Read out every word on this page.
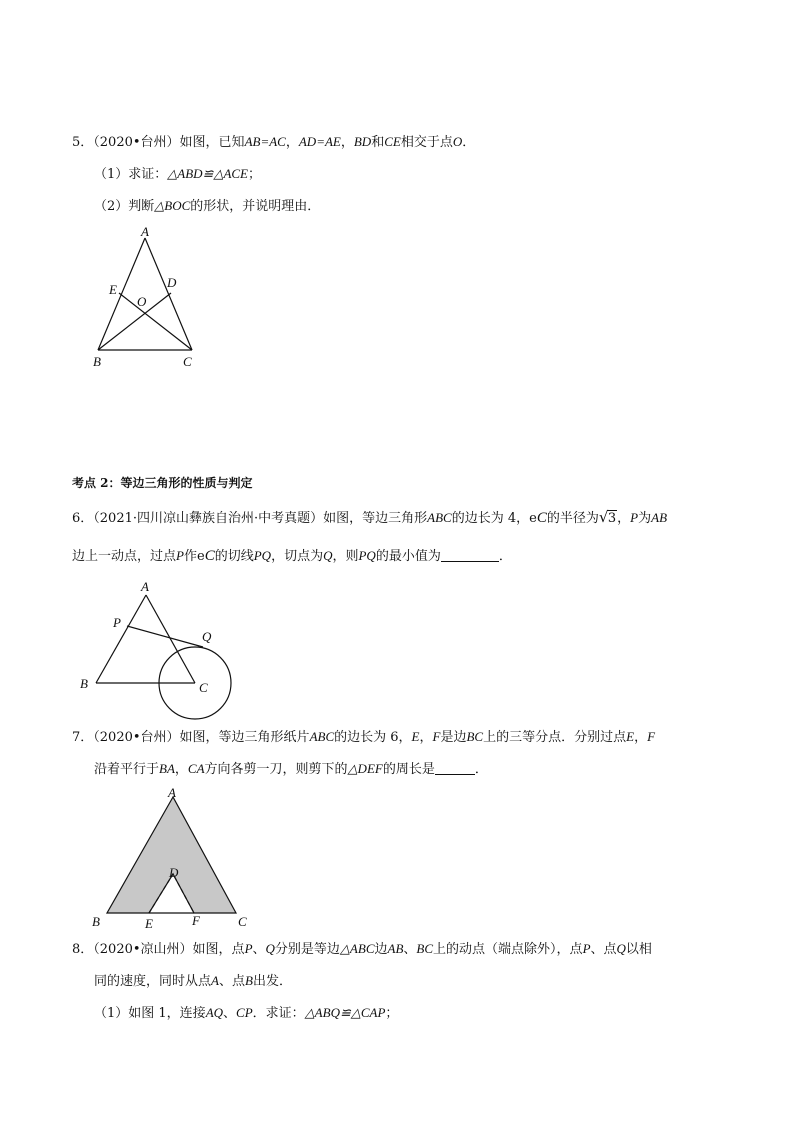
5．（2020•台州）如图，已知AB=AC，AD=AE，BD和CE相交于点O．
（1）求证：△ABD≌△ACE；
（2）判断△BOC的形状，并说明理由．
A
B	C
D
E
O
考点 2：等边三角形的性质与判定
6．（2021·四川凉山彝族自治州·中考真题）如图，等边三角形ABC的边长为 4，eC的半径为 √ 3，P为AB
边上一动点，过点P作eC的切线PQ，切点为Q，则PQ的最小值为	．
A
B	C
P
Q
7．（2020•台州）如图，等边三角形纸片ABC的边长为 6，E，F是边BC上的三等分点．分别过点E，F
沿着平行于BA，CA方向各剪一刀，则剪下的△DEF的周长是	．
A
B	C
D
E	F
8．（2020•凉山州）如图，点P、Q分别是等边△ABC边AB、BC上的动点（端点除外），点P、点Q以相
同的速度，同时从点A、点B出发．
（1）如图 1，连接AQ、CP．求证：△ABQ≌△CAP；
